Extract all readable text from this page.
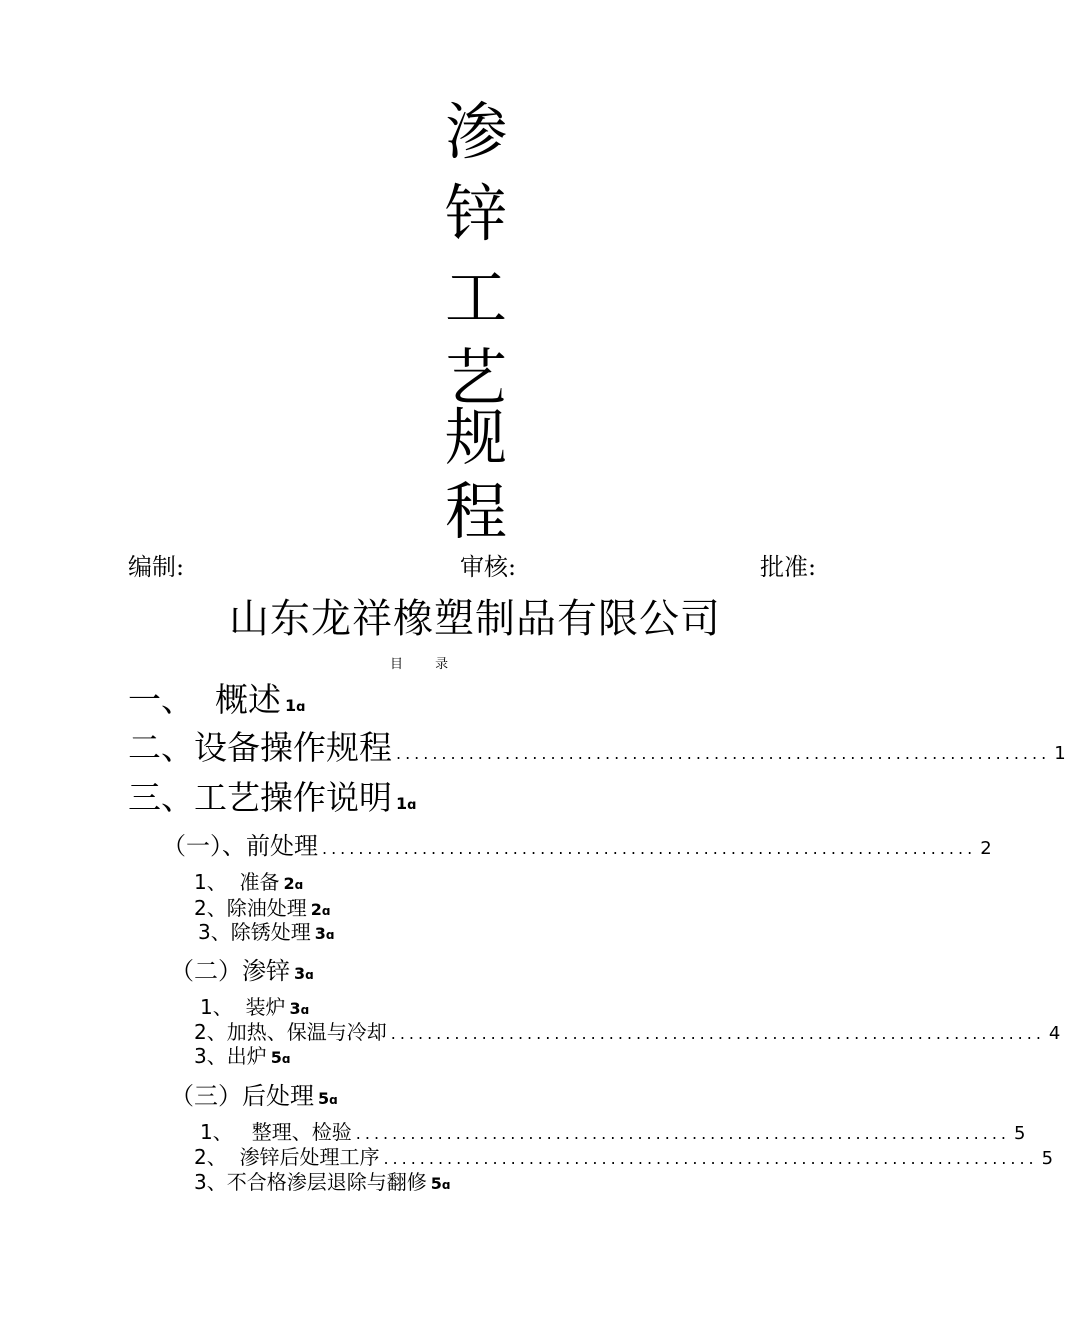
渗
锌
工
艺
规
程
编制:	审核:	批准:
山东龙祥橡塑制品有限公司
目 录
一、  概述 1ɑ
二、设备操作规程 ........................................................................ 1
三、工艺操作说明 1ɑ
（一）、前处理 ........................................................................ 2
1、  准备 2ɑ
2、除油处理 2ɑ
3、除锈处理 3ɑ
（二）渗锌 3ɑ
1、  装炉 3ɑ
2、加热、保温与冷却 ........................................................................ 4
3、出炉 5ɑ
（三）后处理 5ɑ
1、   整理、检验 ........................................................................ 5
2、  渗锌后处理工序 ........................................................................ 5
3、不合格渗层退除与翻修 5ɑ
